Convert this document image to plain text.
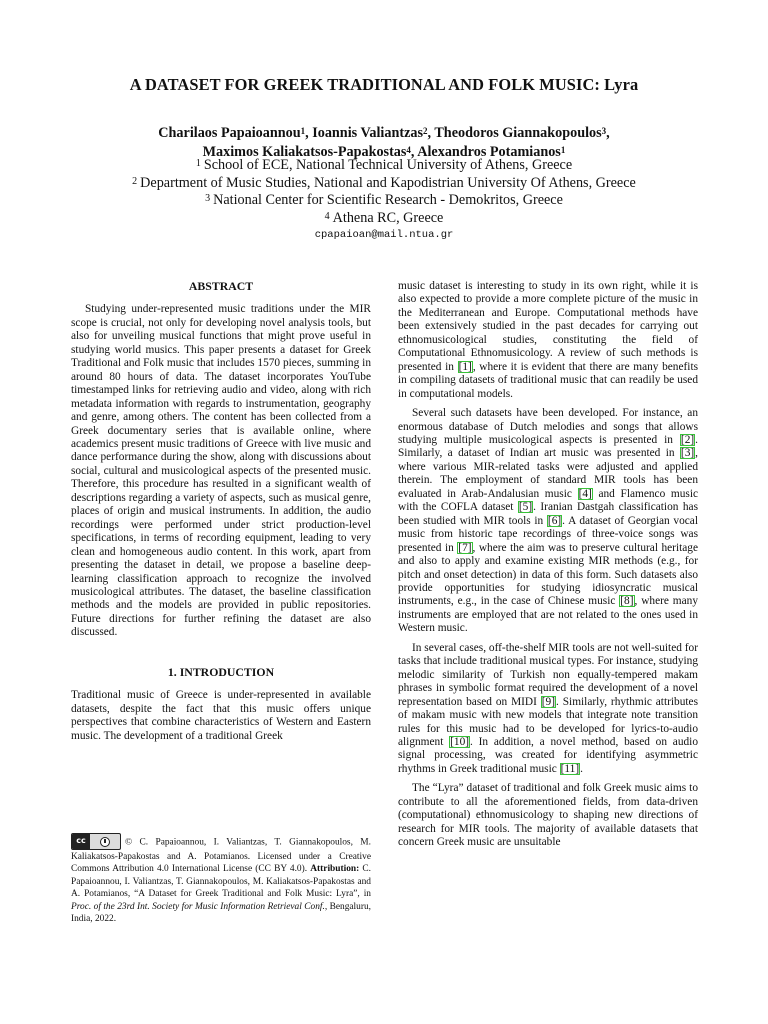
A DATASET FOR GREEK TRADITIONAL AND FOLK MUSIC: Lyra
Charilaos Papaioannou$^1$, Ioannis Valiantzas$^2$, Theodoros Giannakopoulos$^3$,
Maximos Kaliakatsos-Papakostas$^4$, Alexandros Potamianos$^1$
$^1$ School of ECE, National Technical University of Athens, Greece
$^2$ Department of Music Studies, National and Kapodistrian University Of Athens, Greece
$^3$ National Center for Scientific Research - Demokritos, Greece
$^4$ Athena RC, Greece
cpapaioan@mail.ntua.gr
ABSTRACT

Studying under-represented music traditions under the MIR scope is crucial, not only for developing novel analysis tools, but also for unveiling musical functions that might prove useful in studying world musics. This paper presents a dataset for Greek Traditional and Folk music that includes 1570 pieces, summing in around 80 hours of data. The dataset incorporates YouTube timestamped links for retrieving audio and video, along with rich metadata information with regards to instrumentation, geography and genre, among others. The content has been collected from a Greek documentary series that is available online, where academics present music traditions of Greece with live music and dance performance during the show, along with discussions about social, cultural and musicological aspects of the presented music. Therefore, this procedure has resulted in a significant wealth of descriptions regarding a variety of aspects, such as musical genre, places of origin and musical instruments. In addition, the audio recordings were performed under strict production-level specifications, in terms of recording equipment, leading to very clean and homogeneous audio content. In this work, apart from presenting the dataset in detail, we propose a baseline deep-learning classification approach to recognize the involved musicological attributes. The dataset, the baseline classification methods and the models are provided in public repositories. Future directions for further refining the dataset are also discussed.

1. INTRODUCTION

Traditional music of Greece is under-represented in available datasets, despite the fact that this music offers unique perspectives that combine characteristics of Western and Eastern music. The development of a traditional Greek

music dataset is interesting to study in its own right, while it is also expected to provide a more complete picture of the music in the Mediterranean and Europe. Computational methods have been extensively studied in the past decades for carrying out ethnomusicological studies, constituting the field of Computational Ethnomusicology. A review of such methods is presented in [1], where it is evident that there are many benefits in compiling datasets of traditional music that can readily be used in computational models.

Several such datasets have been developed. For instance, an enormous database of Dutch melodies and songs that allows studying multiple musicological aspects is presented in [2]. Similarly, a dataset of Indian art music was presented in [3], where various MIR-related tasks were adjusted and applied therein. The employment of standard MIR tools has been evaluated in Arab-Andalusian music [4] and Flamenco music with the COFLA dataset [5]. Iranian Dastgah classification has been studied with MIR tools in [6]. A dataset of Georgian vocal music from historic tape recordings of three-voice songs was presented in [7], where the aim was to preserve cultural heritage and also to apply and examine existing MIR methods (e.g., for pitch and onset detection) in data of this form. Such datasets also provide opportunities for studying idiosyncratic musical instruments, e.g., in the case of Chinese music [8], where many instruments are employed that are not related to the ones used in Western music.

In several cases, off-the-shelf MIR tools are not well-suited for tasks that include traditional musical types. For instance, studying melodic similarity of Turkish non equally-tempered makam phrases in symbolic format required the development of a novel representation based on MIDI [9]. Similarly, rhythmic attributes of makam music with new models that integrate note transition rules for this music had to be developed for lyrics-to-audio alignment [10]. In addition, a novel method, based on audio signal processing, was created for identifying asymmetric rhythms in Greek traditional music [11].

The “Lyra” dataset of traditional and folk Greek music aims to contribute to all the aforementioned fields, from data-driven (computational) ethnomusicology to shaping new directions of research for MIR tools. The majority of available datasets that concern Greek music are unsuitable

cc	© C. Papaioannou, I. Valiantzas, T. Giannakopoulos, M. Kaliakatsos-Papakostas and A. Potamianos. Licensed under a Creative Commons Attribution 4.0 International License (CC BY 4.0). Attribution: C. Papaioannou, I. Valiantzas, T. Giannakopoulos, M. Kaliakatsos-Papakostas and A. Potamianos, “A Dataset for Greek Traditional and Folk Music: Lyra”, in Proc. of the 23rd Int. Society for Music Information Retrieval Conf., Bengaluru, India, 2022.
